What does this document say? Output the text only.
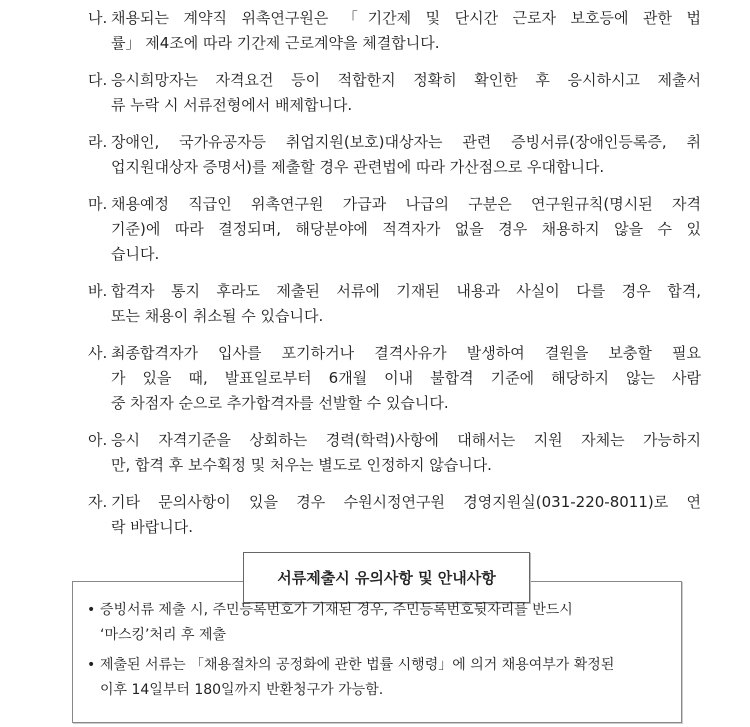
나. 채용되는 계약직 위촉연구원은 「기간제 및 단시간 근로자 보호등에 관한 법
률」 제4조에 따라 기간제 근로계약을 체결합니다.
다. 응시희망자는 자격요건 등이 적합한지 정확히 확인한 후 응시하시고 제출서
류 누락 시 서류전형에서 배제합니다.
라. 장애인, 국가유공자등 취업지원(보호)대상자는 관련 증빙서류(장애인등록증, 취
업지원대상자 증명서)를 제출할 경우 관련법에 따라 가산점으로 우대합니다.
마. 채용예정 직급인 위촉연구원 가급과 나급의 구분은 연구원규칙(명시된 자격
기준)에 따라 결정되며, 해당분야에 적격자가 없을 경우 채용하지 않을 수 있
습니다.
바. 합격자 통지 후라도 제출된 서류에 기재된 내용과 사실이 다를 경우 합격,
또는 채용이 취소될 수 있습니다.
사. 최종합격자가 입사를 포기하거나 결격사유가 발생하여 결원을 보충할 필요
가 있을 때, 발표일로부터 6개월 이내 불합격 기준에 해당하지 않는 사람
중 차점자 순으로 추가합격자를 선발할 수 있습니다.
아. 응시 자격기준을 상회하는 경력(학력)사항에 대해서는 지원 자체는 가능하지
만, 합격 후 보수획정 및 처우는 별도로 인정하지 않습니다.
자. 기타 문의사항이 있을 경우 수원시정연구원 경영지원실(031-220-8011)로 연
락 바랍니다.
서류제출시 유의사항 및 안내사항
• 증빙서류 제출 시, 주민등록번호가 기재된 경우, 주민등록번호뒷자리를 반드시
‘마스킹’처리 후 제출
• 제출된 서류는 「채용절차의 공정화에 관한 법률 시행령」에 의거 채용여부가 확정된
이후 14일부터 180일까지 반환청구가 가능함.
